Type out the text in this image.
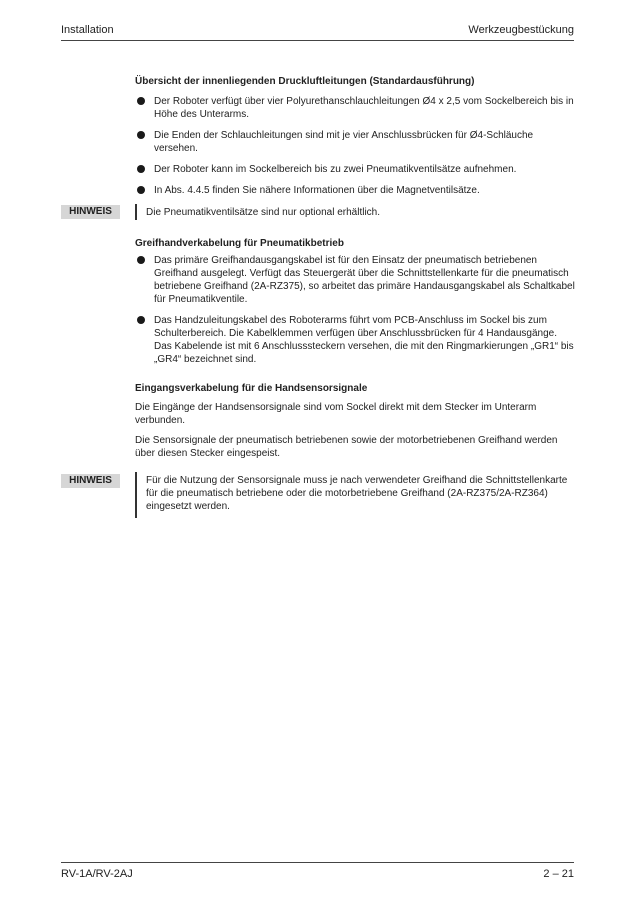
Installation	Werkzeugbestückung
Übersicht der innenliegenden Druckluftleitungen (Standardausführung)
Der Roboter verfügt über vier Polyurethanschlauchleitungen Ø4 x 2,5 vom Sockelbereich bis in Höhe des Unterarms.
Die Enden der Schlauchleitungen sind mit je vier Anschlussbrücken für Ø4-Schläuche versehen.
Der Roboter kann im Sockelbereich bis zu zwei Pneumatikventilsätze aufnehmen.
In Abs. 4.4.5 finden Sie nähere Informationen über die Magnetventilsätze.
HINWEIS	Die Pneumatikventilsätze sind nur optional erhältlich.

Greifhandverkabelung für Pneumatikbetrieb
Das primäre Greifhandausgangskabel ist für den Einsatz der pneumatisch betriebenen Greifhand ausgelegt. Verfügt das Steuergerät über die Schnittstellenkarte für die pneumatisch betriebene Greifhand (2A-RZ375), so arbeitet das primäre Handausgangskabel als Schaltkabel für Pneumatikventile.
Das Handzuleitungskabel des Roboterarms führt vom PCB-Anschluss im Sockel bis zum Schulterbereich. Die Kabelklemmen verfügen über Anschlussbrücken für 4 Handausgänge. Das Kabelende ist mit 6 Anschlusssteckern versehen, die mit den Ringmarkierungen „GR1“ bis „GR4“ bezeichnet sind.
Eingangsverkabelung für die Handsensorsignale

Die Eingänge der Handsensorsignale sind vom Sockel direkt mit dem Stecker im Unterarm verbunden.

Die Sensorsignale der pneumatisch betriebenen sowie der motorbetriebenen Greifhand werden über diesen Stecker eingespeist.

HINWEIS	Für die Nutzung der Sensorsignale muss je nach verwendeter Greifhand die Schnittstellenkarte für die pneumatisch betriebene oder die motorbetriebene Greifhand (2A-RZ375/2A-RZ364) eingesetzt werden.

RV-1A/RV-2AJ	2 – 21
